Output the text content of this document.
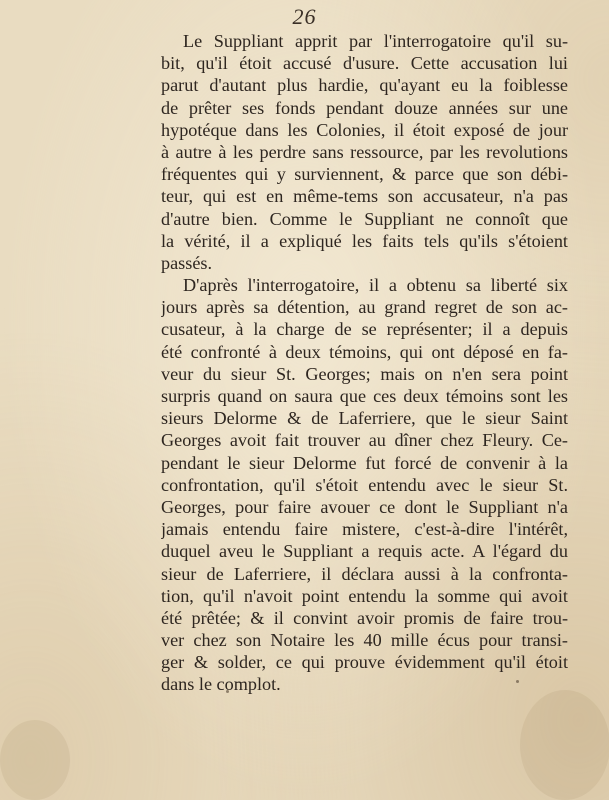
26
Le Suppliant apprit par l'interrogatoire qu'il su-
bit, qu'il étoit accusé d'usure. Cette accusation lui
parut d'autant plus hardie, qu'ayant eu la foiblesse
de prêter ses fonds pendant douze années sur une
hypotéque dans les Colonies, il étoit exposé de jour
à autre à les perdre sans ressource, par les revolutions
fréquentes qui y surviennent, & parce que son débi-
teur, qui est en même-tems son accusateur, n'a pas
d'autre bien. Comme le Suppliant ne connoît que
la vérité, il a expliqué les faits tels qu'ils s'étoient
passés.
D'après l'interrogatoire, il a obtenu sa liberté six
jours après sa détention, au grand regret de son ac-
cusateur, à la charge de se représenter; il a depuis
été confronté à deux témoins, qui ont déposé en fa-
veur du sieur St. Georges; mais on n'en sera point
surpris quand on saura que ces deux témoins sont les
sieurs Delorme & de Laferriere, que le sieur Saint
Georges avoit fait trouver au dîner chez Fleury. Ce-
pendant le sieur Delorme fut forcé de convenir à la
confrontation, qu'il s'étoit entendu avec le sieur St.
Georges, pour faire avouer ce dont le Suppliant n'a
jamais entendu faire mistere, c'est-à-dire l'intérêt,
duquel aveu le Suppliant a requis acte. A l'égard du
sieur de Laferriere, il déclara aussi à la confronta-
tion, qu'il n'avoit point entendu la somme qui avoit
été prêtée; & il convint avoir promis de faire trou-
ver chez son Notaire les 40 mille écus pour transi-
ger & solder, ce qui prouve évidemment qu'il étoit
dans le complot.
